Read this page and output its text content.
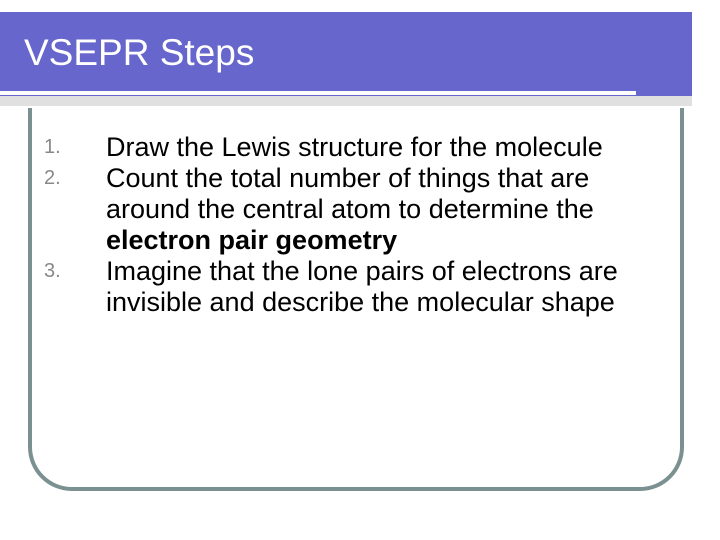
VSEPR Steps
1. Draw the Lewis structure for the molecule
2. Count the total number of things that are around the central atom to determine the electron pair geometry
3. Imagine that the lone pairs of electrons are invisible and describe the molecular shape
